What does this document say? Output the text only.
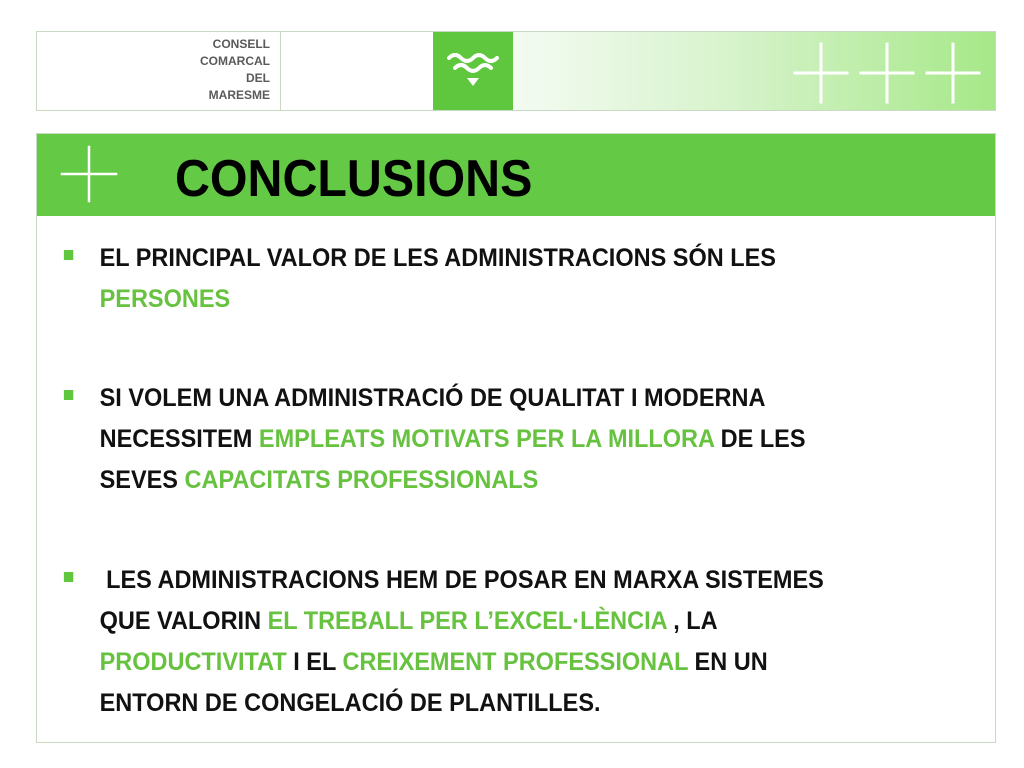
CONSELL
COMARCAL
DEL
MARESME
CONCLUSIONS
EL PRINCIPAL VALOR DE LES ADMINISTRACIONS SÓN LES
PERSONES
SI VOLEM UNA ADMINISTRACIÓ DE QUALITAT I MODERNA
NECESSITEM EMPLEATS MOTIVATS PER LA MILLORA DE LES
SEVES CAPACITATS PROFESSIONALS
LES ADMINISTRACIONS HEM DE POSAR EN MARXA SISTEMES
QUE VALORIN EL TREBALL PER L’EXCEL·LÈNCIA , LA
PRODUCTIVITAT I EL CREIXEMENT PROFESSIONAL EN UN
ENTORN DE CONGELACIÓ DE PLANTILLES.
